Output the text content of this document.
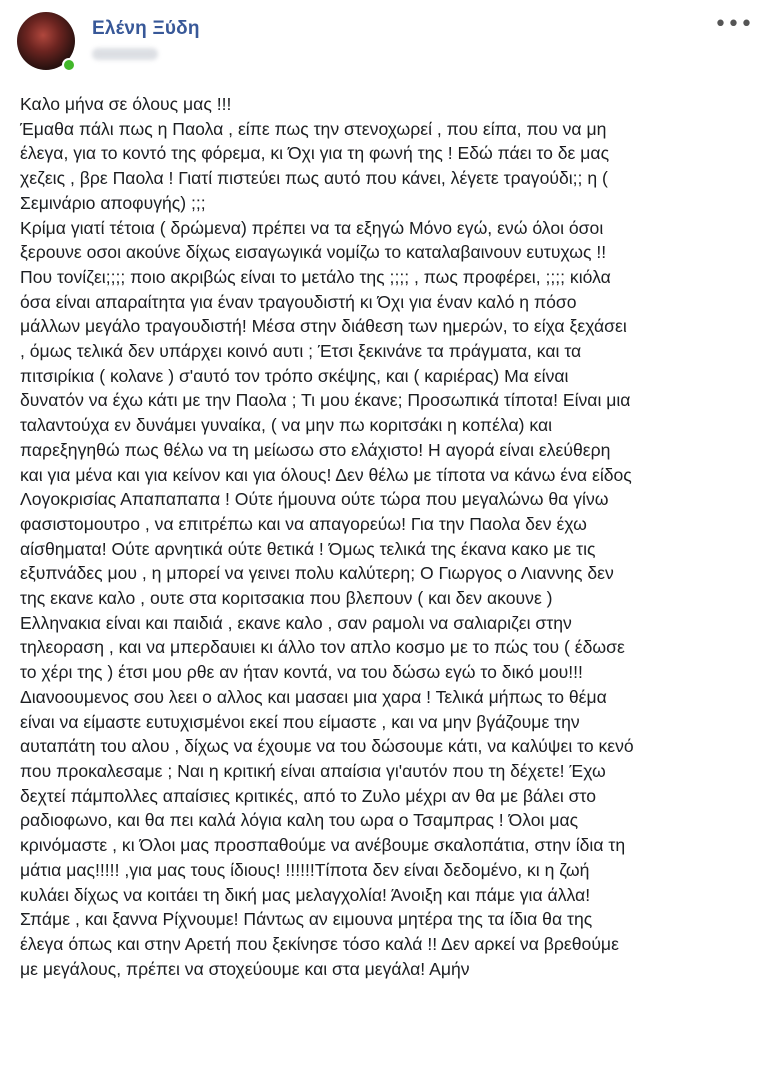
Ελένη Ξύδη	•••
Καλο μήνα σε όλους μας !!!
Έμαθα πάλι πως η Παολα , είπε πως την στενοχωρεί , που είπα, που να μη
έλεγα, για το κοντό της φόρεμα, κι Όχι για τη φωνή της ! Εδώ πάει το δε μας
χεζεις , βρε Παολα ! Γιατί πιστεύει πως αυτό που κάνει, λέγετε τραγούδι;; η (
Σεμινάριο αποφυγής) ;;;
Κρίμα γιατί τέτοια ( δρώμενα) πρέπει να τα εξηγώ Μόνο εγώ, ενώ όλοι όσοι
ξερουνε οσοι ακούνε δίχως εισαγωγικά νομίζω το καταλαβαινουν ευτυχως !!
Που τονίζει;;;; ποιο ακριβώς είναι το μετάλο της ;;;; , πως προφέρει, ;;;; κιόλα
όσα είναι απαραίτητα για έναν τραγουδιστή κι Όχι για έναν καλό η πόσο
μάλλων μεγάλο τραγουδιστή! Μέσα στην διάθεση των ημερών, το είχα ξεχάσει
, όμως τελικά δεν υπάρχει κοινό αυτι ; Έτσι ξεκινάνε τα πράγματα, και τα
πιτσιρίκια ( κολανε ) σ'αυτό τον τρόπο σκέψης, και ( καριέρας) Μα είναι
δυνατόν να έχω κάτι με την Παολα ; Τι μου έκανε; Προσωπικά τίποτα! Είναι μια
ταλαντούχα εν δυνάμει γυναίκα, ( να μην πω κοριτσάκι η κοπέλα) και
παρεξηγηθώ πως θέλω να τη μείωσω στο ελάχιστο! Η αγορά είναι ελεύθερη
και για μένα και για κείνον και για όλους! Δεν θέλω με τίποτα να κάνω ένα είδος
Λογοκρισίας Απαπαπαπα ! Ούτε ήμουνα ούτε τώρα που μεγαλώνω θα γίνω
φασιστομουτρο , να επιτρέπω και να απαγορεύω! Για την Παολα δεν έχω
αίσθηματα! Ούτε αρνητικά ούτε θετικά ! Όμως τελικά της έκανα κακο με τις
εξυπνάδες μου , η μπορεί να γεινει πολυ καλύτερη; Ο Γιωργος ο Λιαννης δεν
της εκανε καλο , ουτε στα κοριτσακια που βλεπουν ( και δεν ακουνε )
Ελληνακια είναι και παιδιά , εκανε καλο , σαν ραμολι να σαλιαριζει στην
τηλεοραση , και να μπερδαυιει κι άλλο τον απλο κοσμο με το πώς του ( έδωσε
το χέρι της ) έτσι μου ρθε αν ήταν κοντά, να του δώσω εγώ το δικό μου!!!
Διανοουμενος σου λεει ο αλλος και μασαει μια χαρα ! Τελικά μήπως το θέμα
είναι να είμαστε ευτυχισμένοι εκεί που είμαστε , και να μην βγάζουμε την
αυταπάτη του αλου , δίχως να έχουμε να του δώσουμε κάτι, να καλύψει το κενό
που προκαλεσαμε ; Ναι η κριτική είναι απαίσια γι'αυτόν που τη δέχετε! Έχω
δεχτεί πάμπολλες απαίσιες κριτικές, από το Ζυλο μέχρι αν θα με βάλει στο
ραδιοφωνο, και θα πει καλά λόγια καλη του ωρα ο Τσαμπρας ! Όλοι μας
κρινόμαστε , κι Όλοι μας προσπαθούμε να ανέβουμε σκαλοπάτια, στην ίδια τη
μάτια μας!!!!! ,για μας τους ίδιους! !!!!!!Τίποτα δεν είναι δεδομένο, κι η ζωή
κυλάει δίχως να κοιτάει τη δική μας μελαγχολία! Άνοιξη και πάμε για άλλα!
Σπάμε , και ξαννα Ρίχνουμε! Πάντως αν ειμουνα μητέρα της τα ίδια θα της
έλεγα όπως και στην Αρετή που ξεκίνησε τόσο καλά !! Δεν αρκεί να βρεθούμε
με μεγάλους, πρέπει να στοχεύουμε και στα μεγάλα! Αμήν
